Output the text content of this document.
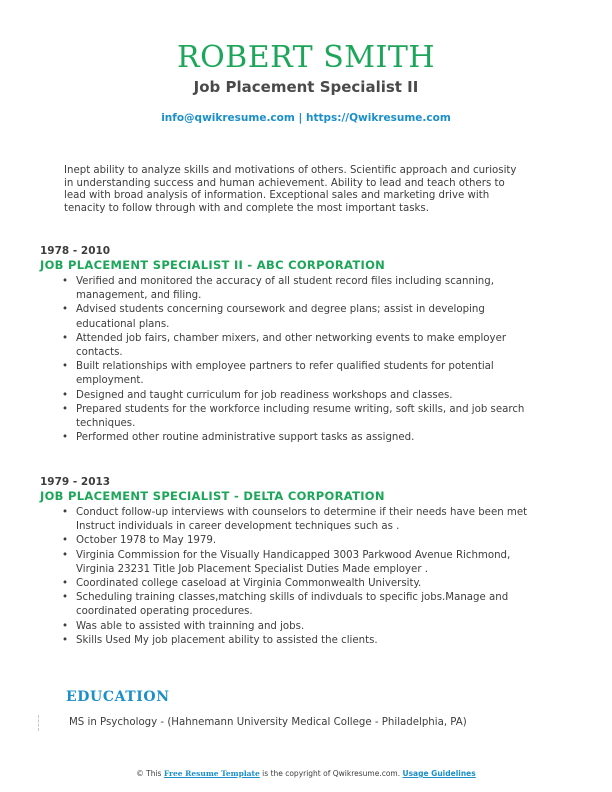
ROBERT SMITH
Job Placement Specialist II
info@qwikresume.com | https://Qwikresume.com
Inept ability to analyze skills and motivations of others. Scientific approach and curiosity in understanding success and human achievement. Ability to lead and teach others to lead with broad analysis of information. Exceptional sales and marketing drive with tenacity to follow through with and complete the most important tasks.
1978 - 2010
JOB PLACEMENT SPECIALIST II - ABC CORPORATION
• Verified and monitored the accuracy of all student record files including scanning, management, and filing.
• Advised students concerning coursework and degree plans; assist in developing educational plans.
• Attended job fairs, chamber mixers, and other networking events to make employer contacts.
• Built relationships with employee partners to refer qualified students for potential employment.
• Designed and taught curriculum for job readiness workshops and classes.
• Prepared students for the workforce including resume writing, soft skills, and job search techniques.
• Performed other routine administrative support tasks as assigned.
1979 - 2013
JOB PLACEMENT SPECIALIST - DELTA CORPORATION
• Conduct follow-up interviews with counselors to determine if their needs have been met Instruct individuals in career development techniques such as .
• October 1978 to May 1979.
• Virginia Commission for the Visually Handicapped 3003 Parkwood Avenue Richmond, Virginia 23231 Title Job Placement Specialist Duties Made employer .
• Coordinated college caseload at Virginia Commonwealth University.
• Scheduling training classes,matching skills of indivduals to specific jobs.Manage and coordinated operating procedures.
• Was able to assisted with trainning and jobs.
• Skills Used My job placement ability to assisted the clients.
EDUCATION
MS in Psychology - (Hahnemann University Medical College - Philadelphia, PA)
© This Free Resume Template is the copyright of Qwikresume.com. Usage Guidelines
